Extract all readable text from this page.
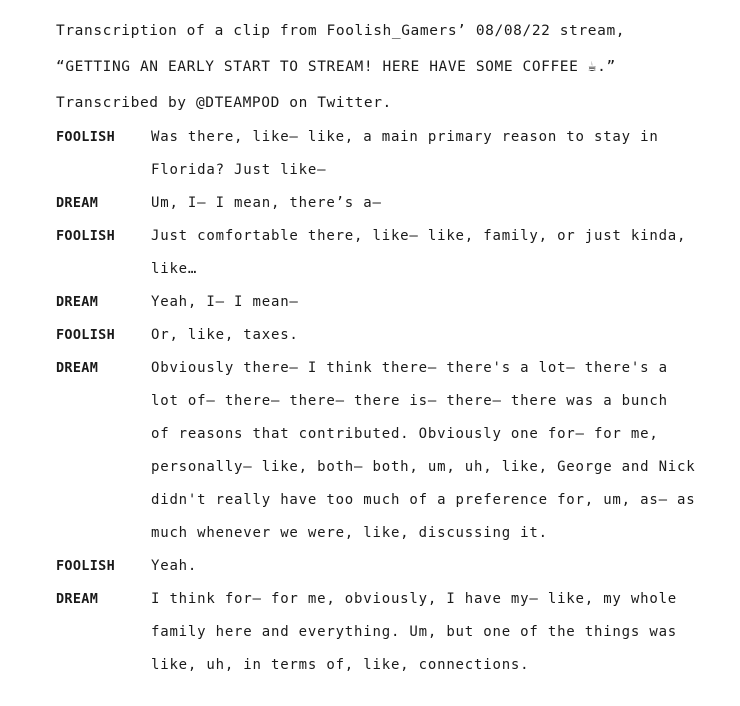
Transcription of a clip from Foolish_Gamers’ 08/08/22 stream,
“GETTING AN EARLY START TO STREAM! HERE HAVE SOME COFFEE ☕.”
Transcribed by @DTEAMPOD on Twitter.
FOOLISH	Was there, like– like, a main primary reason to stay in
Florida? Just like–
DREAM	Um, I– I mean, there’s a–
FOOLISH	Just comfortable there, like– like, family, or just kinda,
like…
DREAM	Yeah, I– I mean–
FOOLISH	Or, like, taxes.
DREAM	Obviously there– I think there– there's a lot– there's a
lot of– there– there– there is– there– there was a bunch
of reasons that contributed. Obviously one for– for me,
personally– like, both– both, um, uh, like, George and Nick
didn't really have too much of a preference for, um, as– as
much whenever we were, like, discussing it.
FOOLISH	Yeah.
DREAM	I think for– for me, obviously, I have my– like, my whole
family here and everything. Um, but one of the things was
like, uh, in terms of, like, connections.
